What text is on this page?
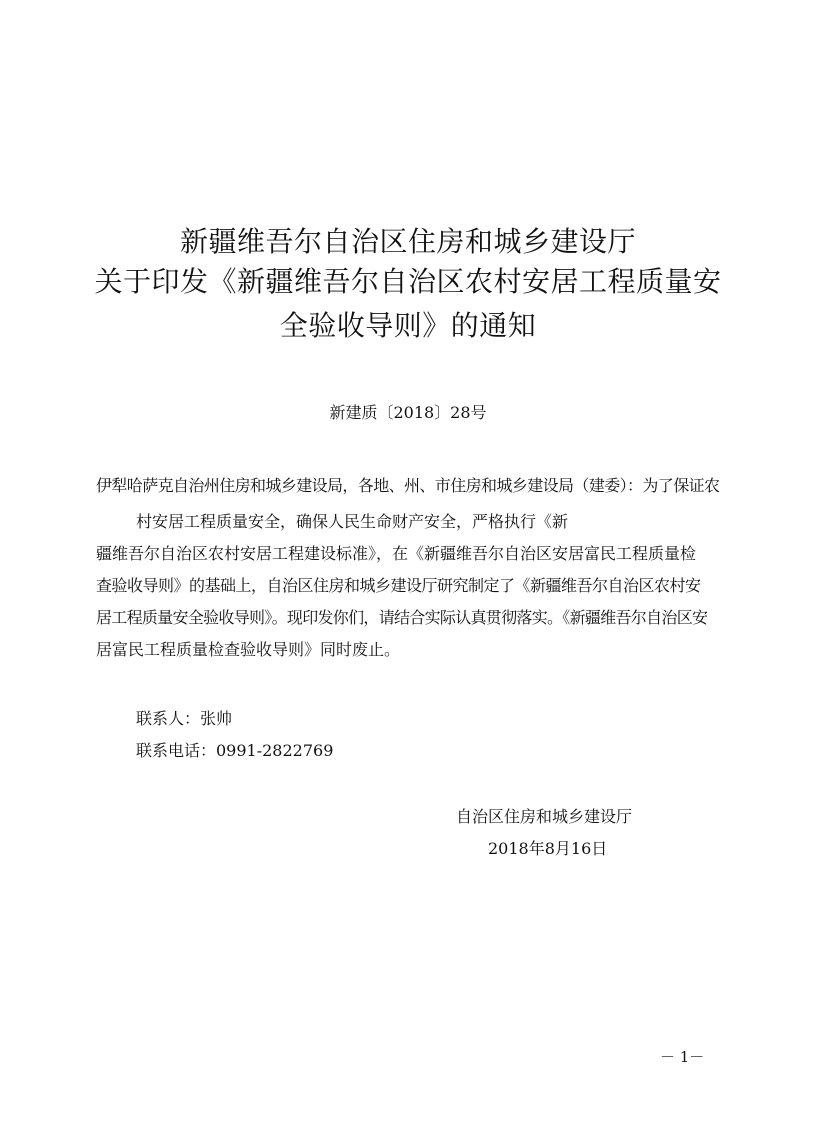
新疆维吾尔自治区住房和城乡建设厅
关于印发《新疆维吾尔自治区农村安居工程质量安
全验收导则》的通知
新建质〔2018〕28号
伊犁哈萨克自治州住房和城乡建设局，各地、州、市住房和城乡建设局（建委）：为了保证农
村安居工程质量安全，确保人民生命财产安全，严格执行《新
疆维吾尔自治区农村安居工程建设标准》，在《新疆维吾尔自治区安居富民工程质量检
查验收导则》的基础上，自治区住房和城乡建设厅研究制定了《新疆维吾尔自治区农村安
居工程质量安全验收导则》。现印发你们，请结合实际认真贯彻落实。《新疆维吾尔自治区安
居富民工程质量检查验收导则》同时废止。
联系人：张帅
联系电话：0991-2822769
自治区住房和城乡建设厅
2018年8月16日
－ 1－
